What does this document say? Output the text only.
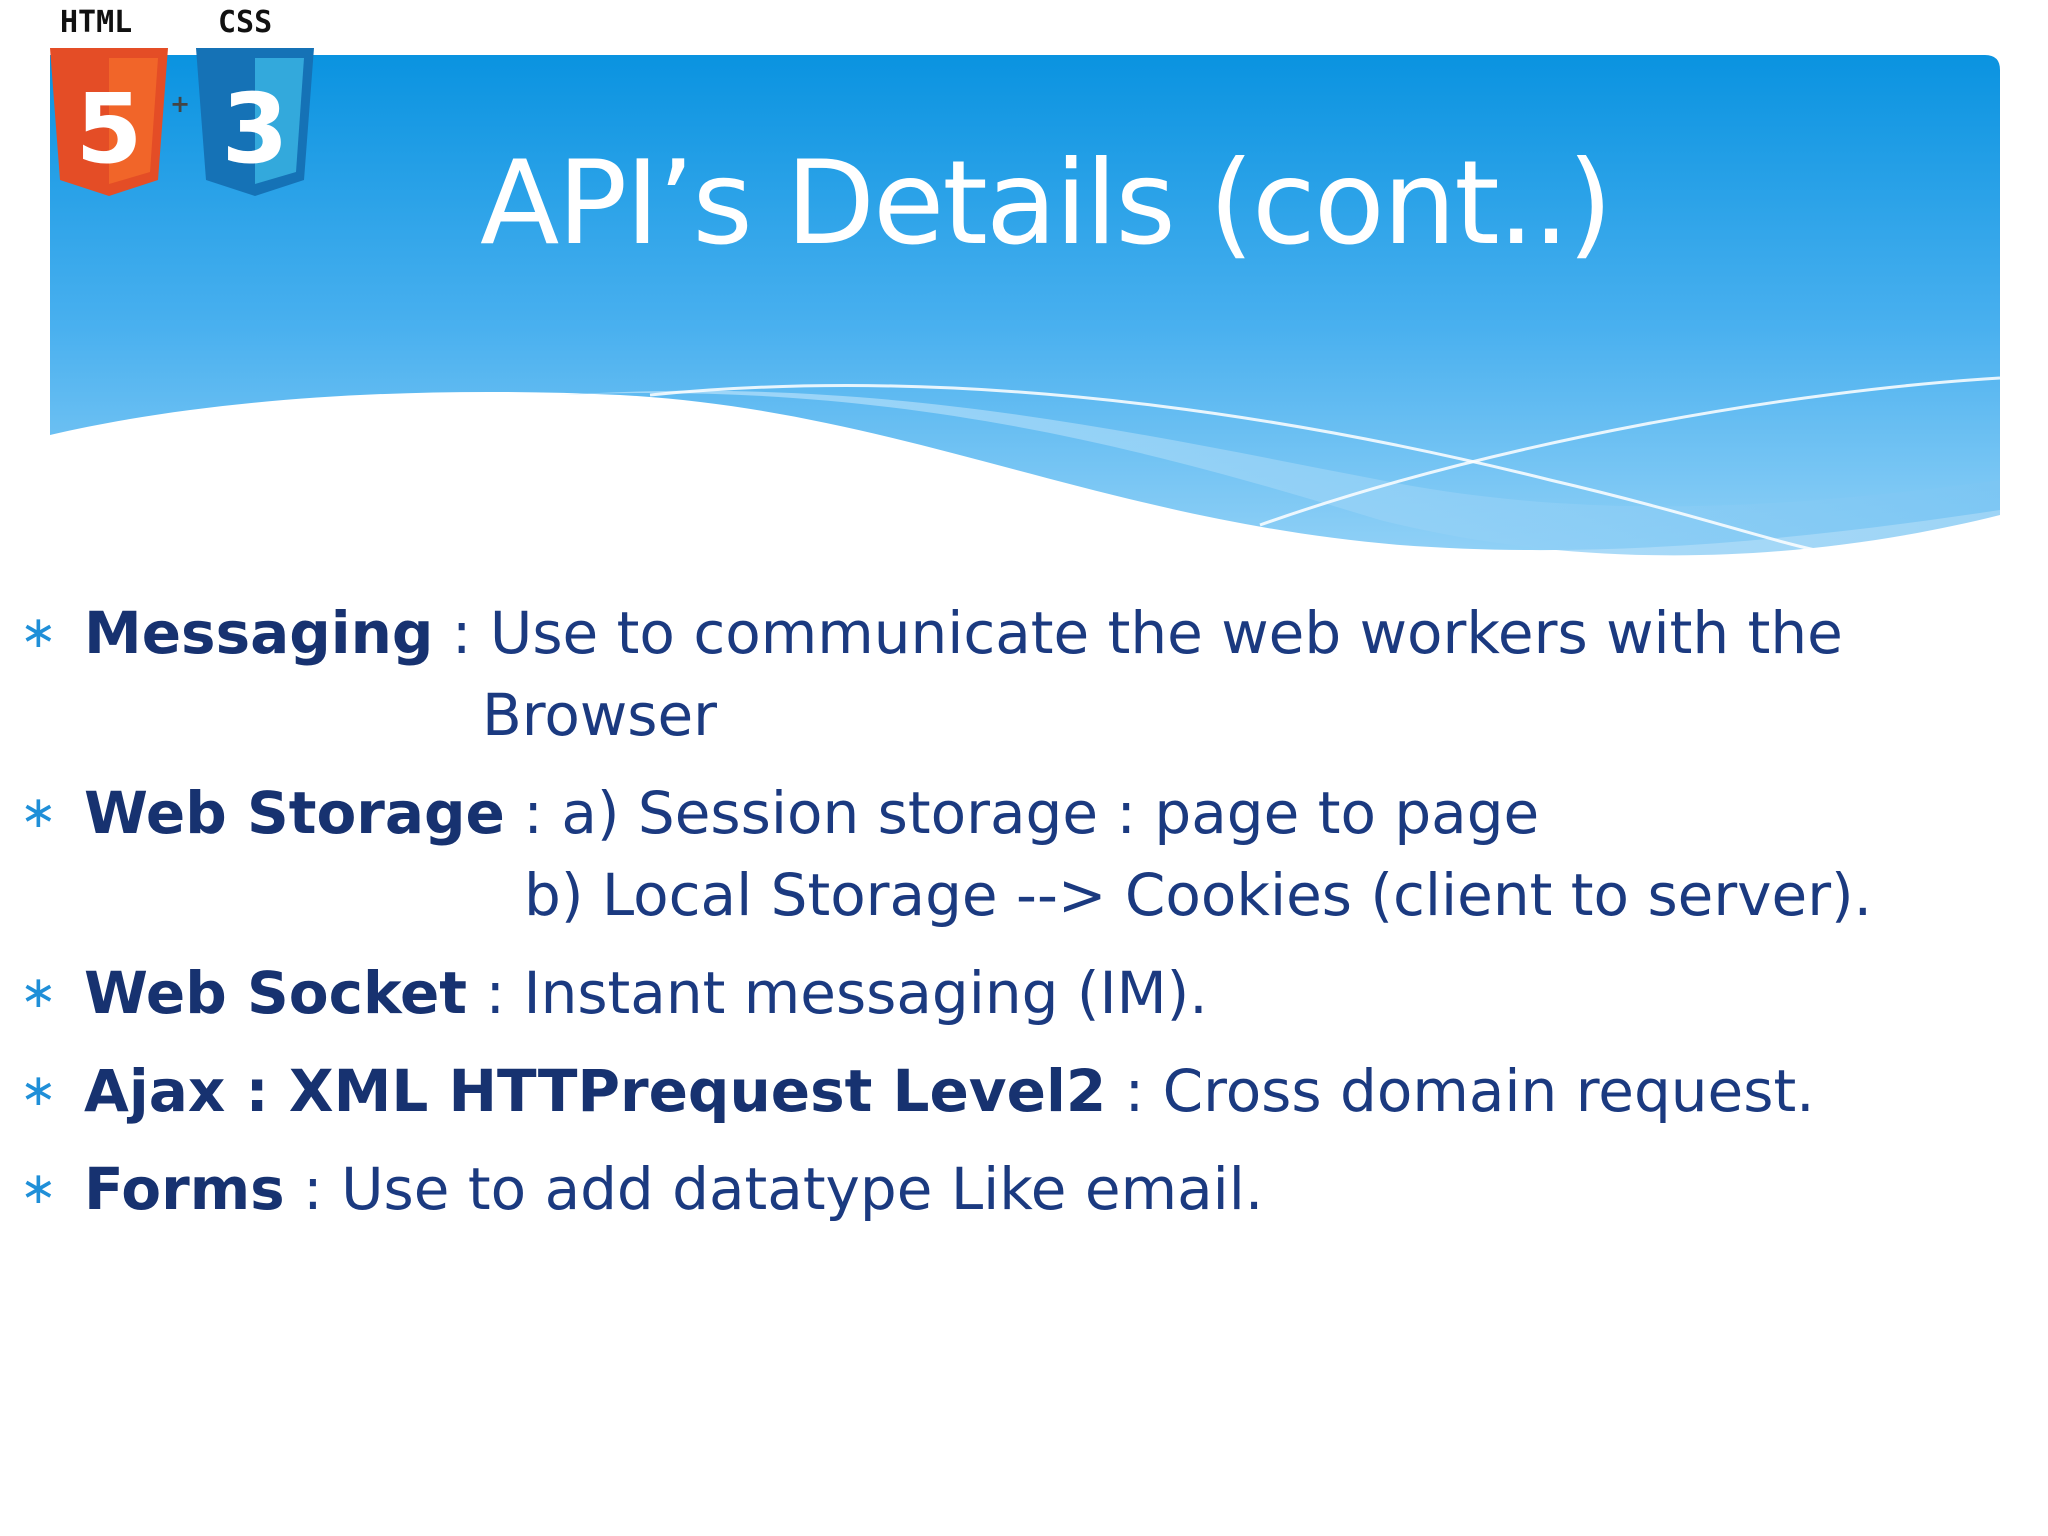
HTML	CSS
5 + 3
API’s Details (cont..)
∗ Messaging : Use to communicate the web workers with the
Browser
∗ Web Storage : a) Session storage : page to page
b) Local Storage --> Cookies (client to server).
∗ Web Socket : Instant messaging (IM).
∗ Ajax : XML HTTPrequest Level2 : Cross domain request.
∗ Forms : Use to add datatype Like email.
